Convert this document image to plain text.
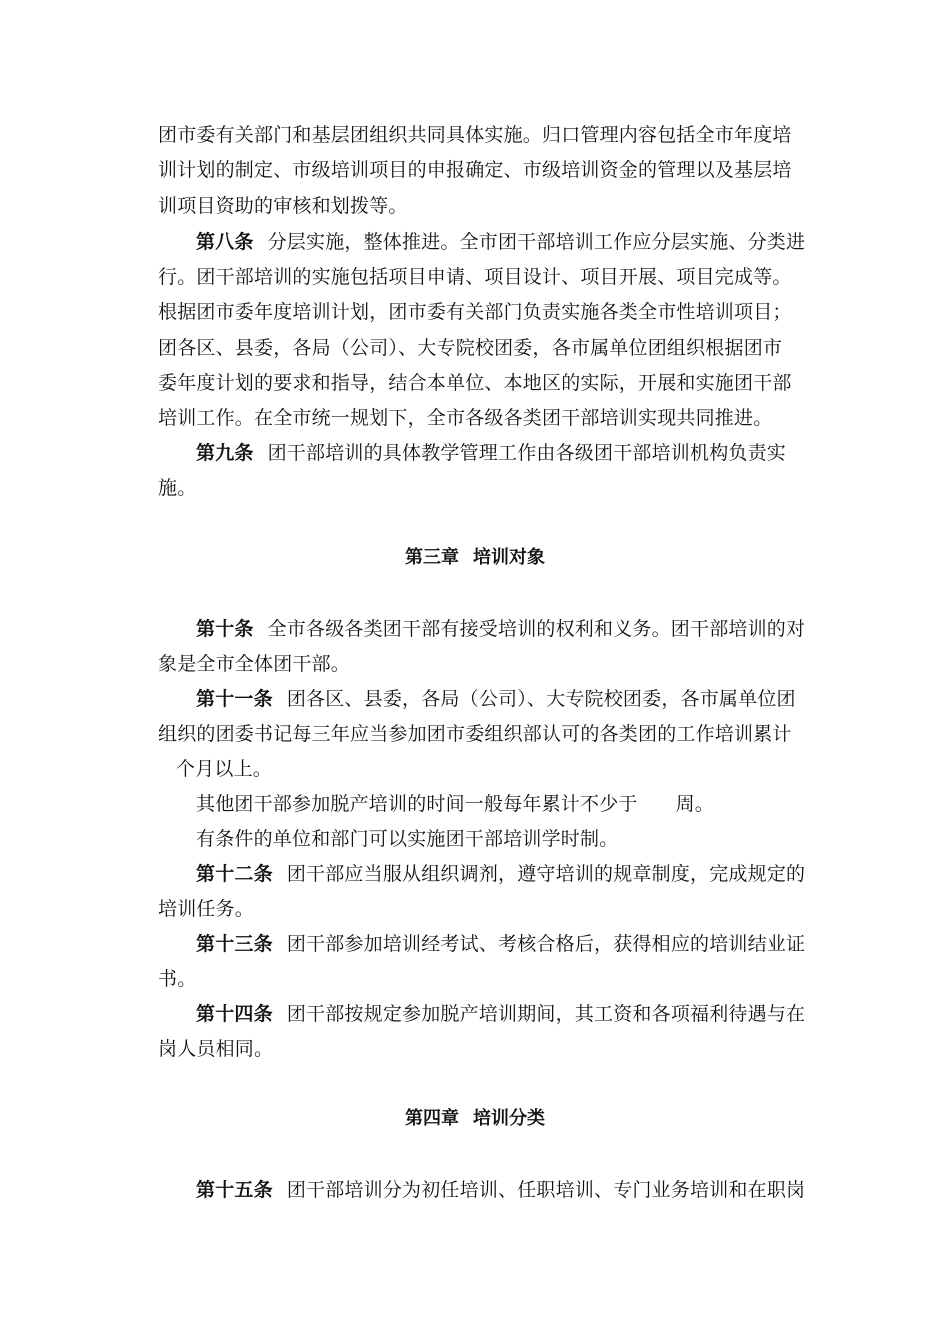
团市委有关部门和基层团组织共同具体实施。归口管理内容包括全市年度培
训计划的制定、市级培训项目的申报确定、市级培训资金的管理以及基层培
训项目资助的审核和划拨等。
第八条 分层实施，整体推进。全市团干部培训工作应分层实施、分类进
行。团干部培训的实施包括项目申请、项目设计、项目开展、项目完成等。
根据团市委年度培训计划，团市委有关部门负责实施各类全市性培训项目；
团各区、县委，各局（公司）、大专院校团委，各市属单位团组织根据团市
委年度计划的要求和指导，结合本单位、本地区的实际，开展和实施团干部
培训工作。在全市统一规划下，全市各级各类团干部培训实现共同推进。
第九条 团干部培训的具体教学管理工作由各级团干部培训机构负责实
施。
第三章 培训对象
第十条 全市各级各类团干部有接受培训的权利和义务。团干部培训的对
象是全市全体团干部。
第十一条 团各区、县委，各局（公司）、大专院校团委，各市属单位团
组织的团委书记每三年应当参加团市委组织部认可的各类团的工作培训累计
个月以上。
其他团干部参加脱产培训的时间一般每年累计不少于 周。
有条件的单位和部门可以实施团干部培训学时制。
第十二条 团干部应当服从组织调剂，遵守培训的规章制度，完成规定的
培训任务。
第十三条 团干部参加培训经考试、考核合格后，获得相应的培训结业证
书。
第十四条 团干部按规定参加脱产培训期间，其工资和各项福利待遇与在
岗人员相同。
第四章 培训分类
第十五条 团干部培训分为初任培训、任职培训、专门业务培训和在职岗
